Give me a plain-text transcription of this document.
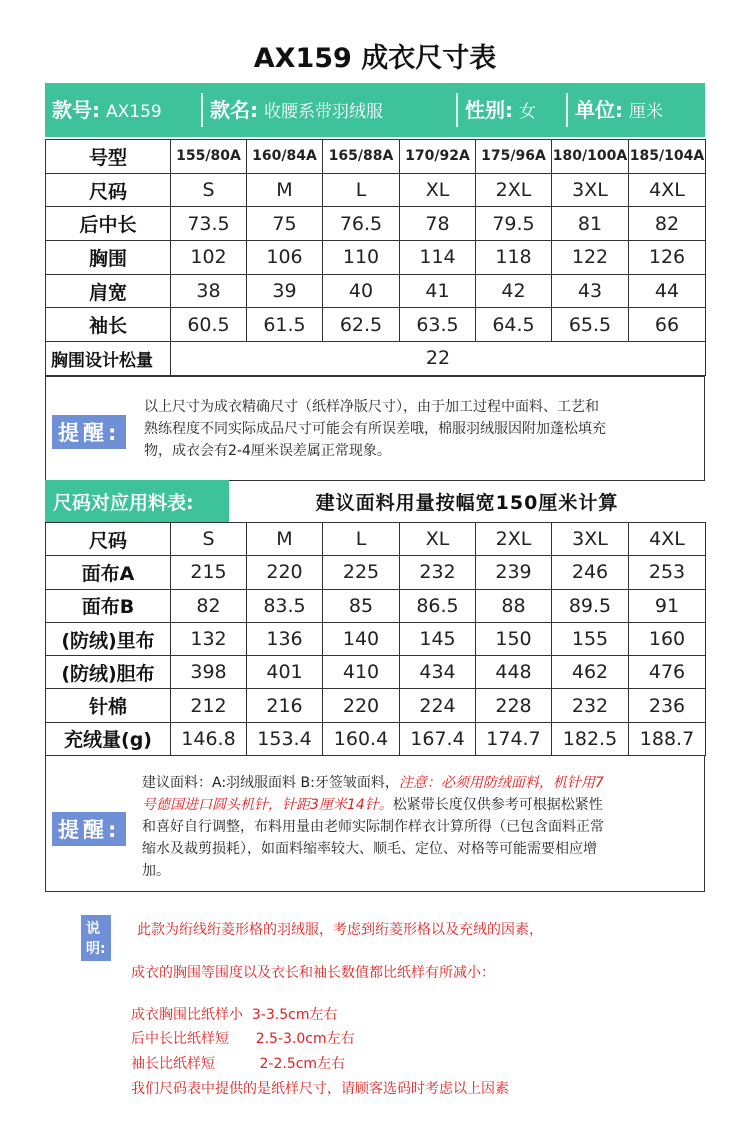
AX159 成衣尺寸表
款号: AX159 款名: 收腰系带羽绒服	性别: 女 单位: 厘米
号型	155/80A	160/84A	165/88A	170/92A	175/96A	180/100A	185/104A
尺码	S	M	L	XL	2XL	3XL	4XL
后中长	73.5	75	76.5	78	79.5	81	82
胸围	102	106	110	114	118	122	126
肩宽	38	39	40	41	42	43	44
袖长	60.5	61.5	62.5	63.5	64.5	65.5	66
胸围设计松量	22						
提醒:
以上尺寸为成衣精确尺寸（纸样净版尺寸），由于加工过程中面料、工艺和
熟练程度不同实际成品尺寸可能会有所误差哦，棉服羽绒服因附加蓬松填充
物，成衣会有2-4厘米误差属正常现象。
尺码对应用料表:	建议面料用量按幅宽150厘米计算
尺码	S	M	L	XL	2XL	3XL	4XL
面布A	215	220	225	232	239	246	253
面布B	82	83.5	85	86.5	88	89.5	91
(防绒)里布	132	136	140	145	150	155	160
(防绒)胆布	398	401	410	434	448	462	476
针棉	212	216	220	224	228	232	236
充绒量(g)	146.8	153.4	160.4	167.4	174.7	182.5	188.7
提醒:
建议面料：A:羽绒服面料 B:牙签皱面料，注意：必须用防绒面料，机针用7
号德国进口圆头机针，针距3厘米14针。松紧带长度仅供参考可根据松紧性
和喜好自行调整，布料用量由老师实际制作样衣计算所得（已包含面料正常
缩水及裁剪损耗），如面料缩率较大、顺毛、定位、对格等可能需要相应增
加。
说明:
此款为绗线绗菱形格的羽绒服，考虑到绗菱形格以及充绒的因素，
成衣的胸围等围度以及衣长和袖长数值都比纸样有所减小：
成衣胸围比纸样小  3-3.5cm左右
后中长比纸样短      2.5-3.0cm左右
袖长比纸样短          2-2.5cm左右
我们尺码表中提供的是纸样尺寸，请顾客选码时考虑以上因素
